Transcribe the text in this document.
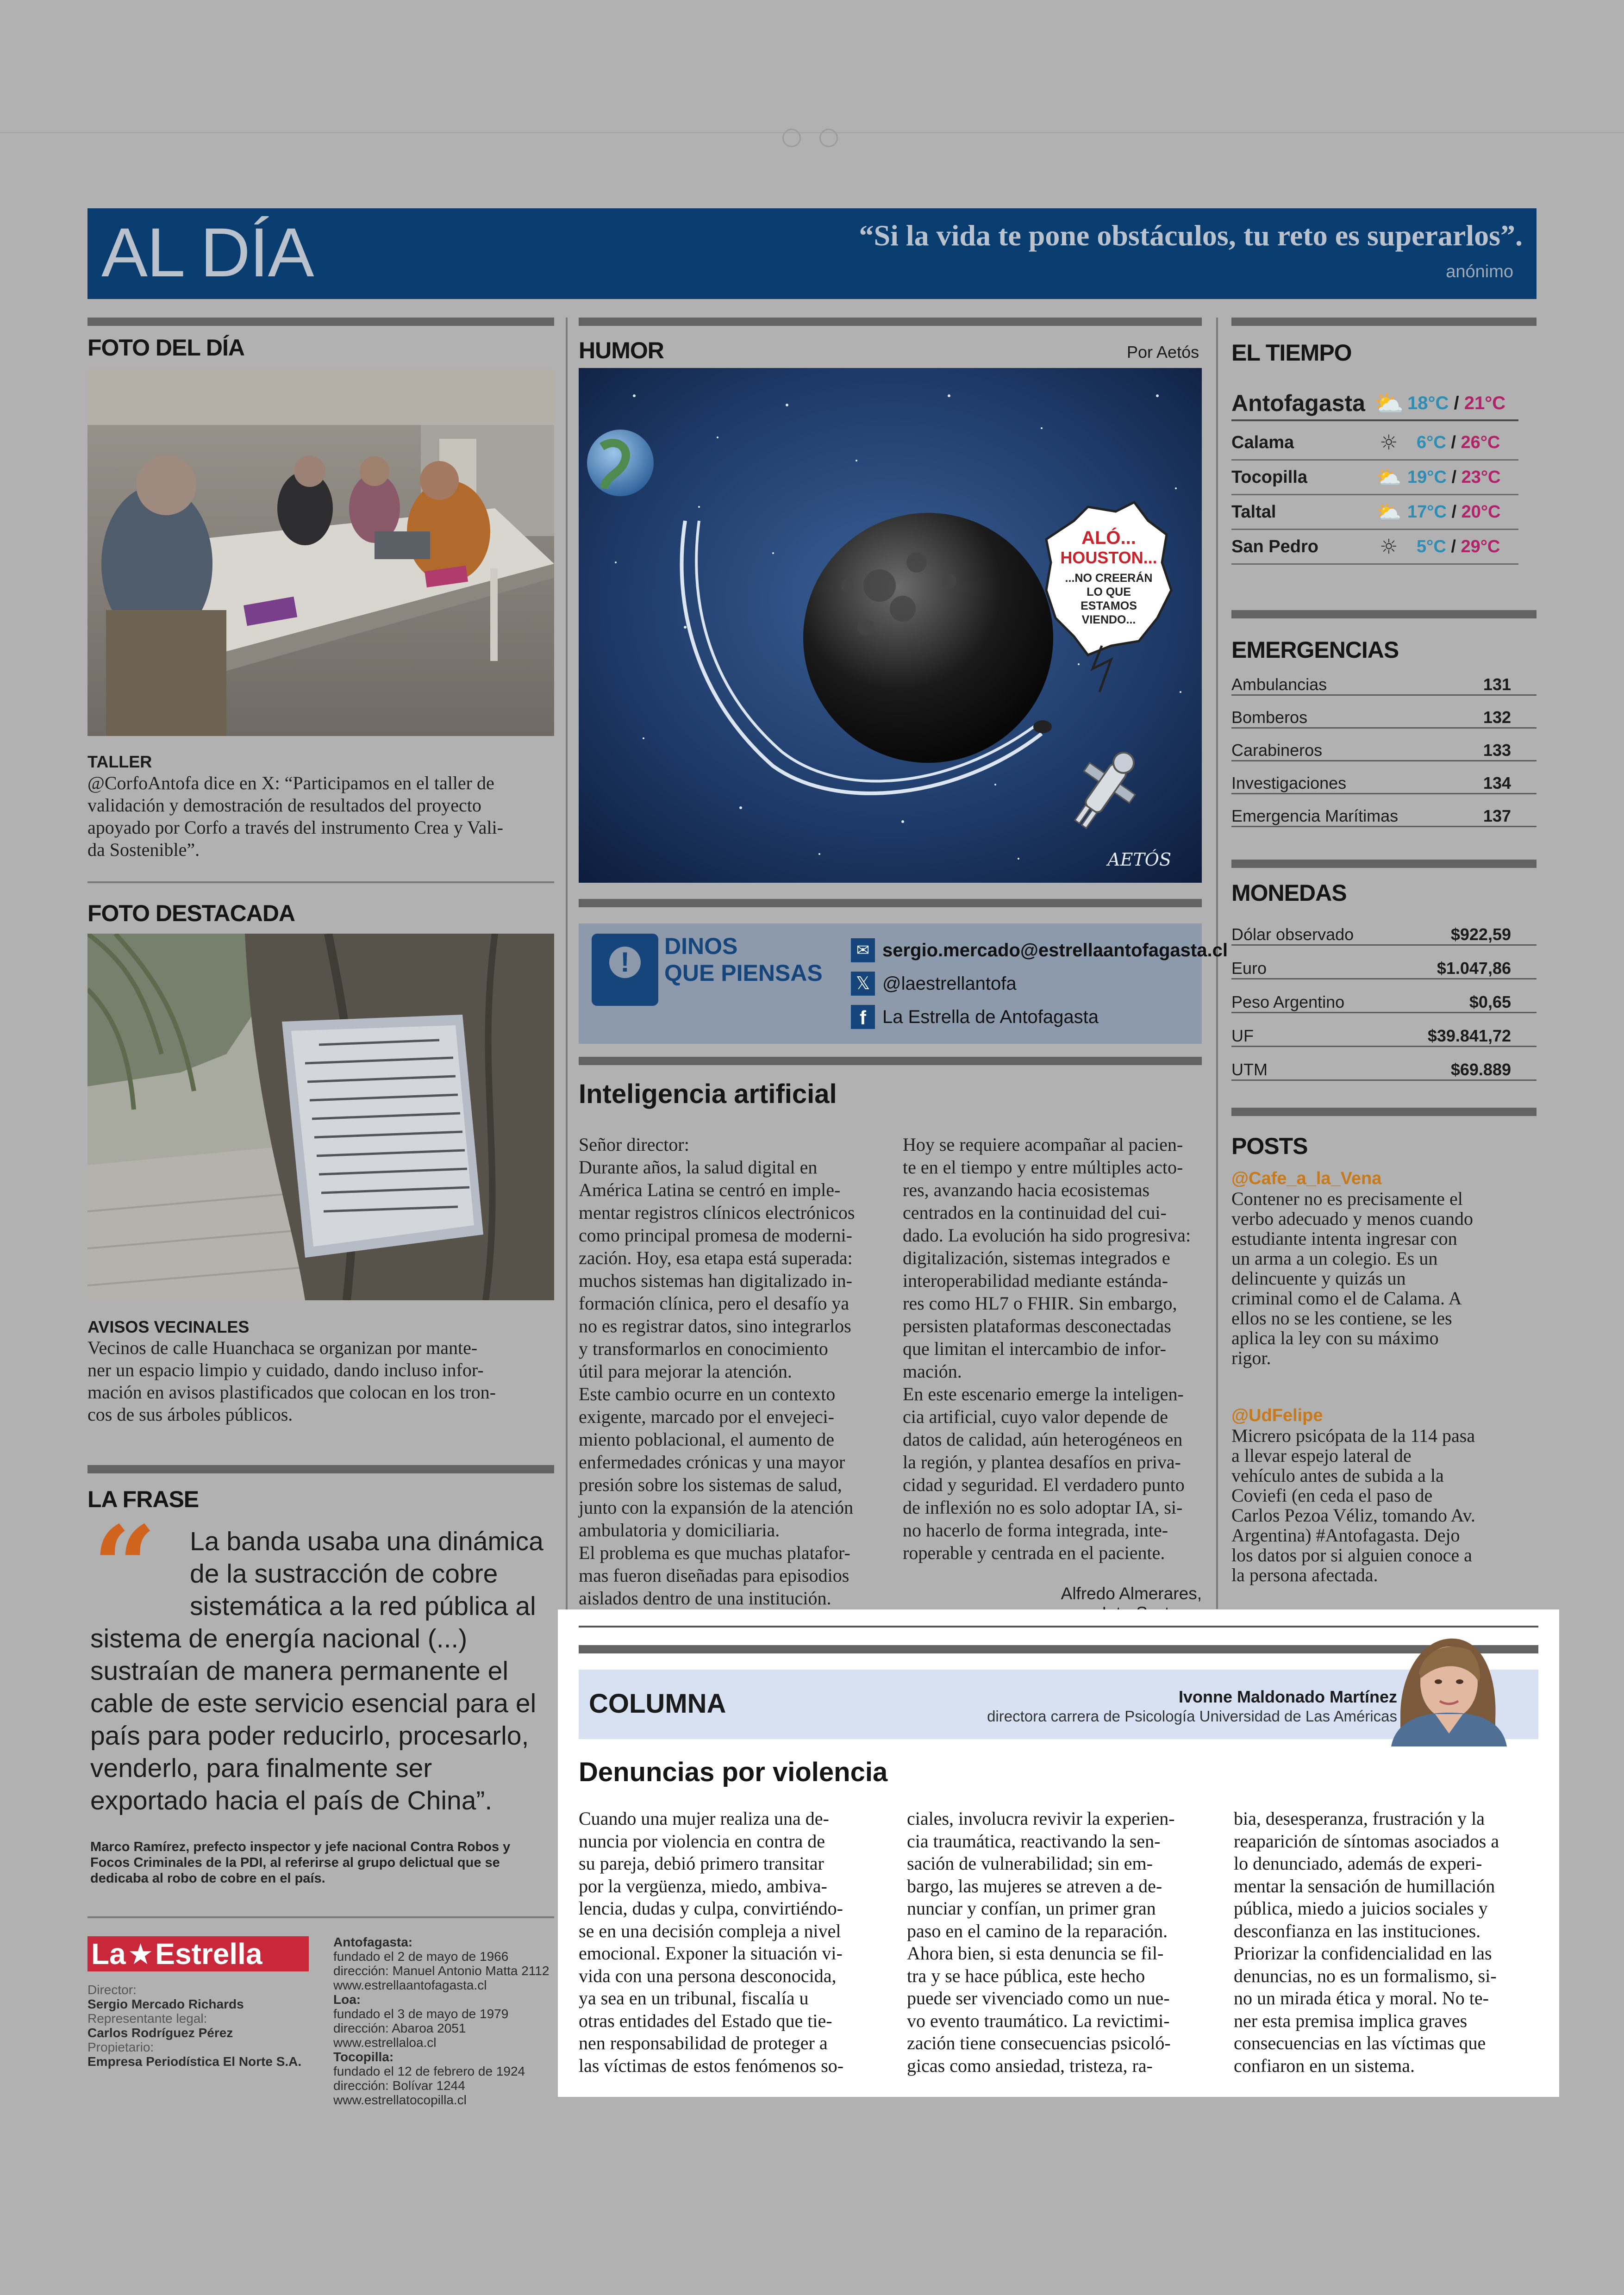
AL DÍA	“Si la vida te pone obstáculos, tu reto es superarlos”.
anónimo
FOTO DEL DÍA
TALLER
@CorfoAntofa dice en X: “Participamos en el taller de
validación y demostración de resultados del proyecto
apoyado por Corfo a través del instrumento Crea y Vali-
da Sostenible”.
FOTO DESTACADA
AVISOS VECINALES
Vecinos de calle Huanchaca se organizan por mante-
ner un espacio limpio y cuidado, dando incluso infor-
mación en avisos plastificados que colocan en los tron-
cos de sus árboles públicos.
LA FRASE
“ La banda usaba una dinámica
de la sustracción de cobre
sistemática a la red pública al
sistema de energía nacional (...)
sustraían de manera permanente el
cable de este servicio esencial para el
país para poder reducirlo, procesarlo,
venderlo, para finalmente ser
exportado hacia el país de China”.
Marco Ramírez, prefecto inspector y jefe nacional Contra Robos y
Focos Criminales de la PDI, al referirse al grupo delictual que se
dedicaba al robo de cobre en el país.
La ★ Estrella
Director:
Sergio Mercado Richards
Representante legal:
Carlos Rodríguez Pérez
Propietario:
Empresa Periodística El Norte S.A.
Antofagasta:
fundado el 2 de mayo de 1966
dirección: Manuel Antonio Matta 2112
www.estrellaantofagasta.cl
Loa:
fundado el 3 de mayo de 1979
dirección: Abaroa 2051
www.estrellaloa.cl
Tocopilla:
fundado el 12 de febrero de 1924
dirección: Bolívar 1244
www.estrellatocopilla.cl
HUMOR	Por Aetós
ALÓ...
HOUSTON...
...NO CREERÁN
LO QUE
ESTAMOS
VIENDO...
AETÓS
!
DINOS
QUE PIENSAS
✉ sergio.mercado@estrellaantofagasta.cl
𝕏 @laestrellantofa
f La Estrella de Antofagasta
Inteligencia artificial
Señor director:
Durante años, la salud digital en
América Latina se centró en imple-
mentar registros clínicos electrónicos
como principal promesa de moderni-
zación. Hoy, esa etapa está superada:
muchos sistemas han digitalizado in-
formación clínica, pero el desafío ya
no es registrar datos, sino integrarlos
y transformarlos en conocimiento
útil para mejorar la atención.
Este cambio ocurre en un contexto
exigente, marcado por el envejeci-
miento poblacional, el aumento de
enfermedades crónicas y una mayor
presión sobre los sistemas de salud,
junto con la expansión de la atención
ambulatoria y domiciliaria.
El problema es que muchas platafor-
mas fueron diseñadas para episodios
aislados dentro de una institución.
Hoy se requiere acompañar al pacien-
te en el tiempo y entre múltiples acto-
res, avanzando hacia ecosistemas
centrados en la continuidad del cui-
dado. La evolución ha sido progresiva:
digitalización, sistemas integrados e
interoperabilidad mediante estánda-
res como HL7 o FHIR. Sin embargo,
persisten plataformas desconectadas
que limitan el intercambio de infor-
mación.
En este escenario emerge la inteligen-
cia artificial, cuyo valor depende de
datos de calidad, aún heterogéneos en
la región, y plantea desafíos en priva-
cidad y seguridad. El verdadero punto
de inflexión no es solo adoptar IA, si-
no hacerlo de forma integrada, inte-
roperable y centrada en el paciente.
Alfredo Almerares,
EL TIEMPO
Antofagasta ⛅ 18°C / 21°C
Calama	☼	6°C / 26°C
Tocopilla	⛅ 19°C / 23°C
Taltal	⛅ 17°C / 20°C
San Pedro	☼	5°C / 29°C
EMERGENCIAS
Ambulancias	131
Bomberos	132
Carabineros	133
Investigaciones	134
Emergencia Marítimas	137
MONEDAS
Dólar observado	$922,59
Euro	$1.047,86
Peso Argentino	$0,65
UF	$39.841,72
UTM	$69.889
POSTS
@Cafe_a_la_Vena
Contener no es precisamente el
verbo adecuado y menos cuando
estudiante intenta ingresar con
un arma a un colegio. Es un
delincuente y quizás un
criminal como el de Calama. A
ellos no se les contiene, se les
aplica la ley con su máximo
rigor.
@UdFelipe
Micrero psicópata de la 114 pasa
a llevar espejo lateral de
vehículo antes de subida a la
Coviefi (en ceda el paso de
Carlos Pezoa Véliz, tomando Av.
Argentina) #Antofagasta. Dejo
los datos por si alguien conoce a
la persona afectada.
COLUMNA	Ivonne Maldonado Martínez
directora carrera de Psicología Universidad de Las Américas
Denuncias por violencia
Cuando una mujer realiza una de-
nuncia por violencia en contra de
su pareja, debió primero transitar
por la vergüenza, miedo, ambiva-
lencia, dudas y culpa, convirtiéndo-
se en una decisión compleja a nivel
emocional. Exponer la situación vi-
vida con una persona desconocida,
ya sea en un tribunal, fiscalía u
otras entidades del Estado que tie-
nen responsabilidad de proteger a
las víctimas de estos fenómenos so-
ciales, involucra revivir la experien-
cia traumática, reactivando la sen-
sación de vulnerabilidad; sin em-
bargo, las mujeres se atreven a de-
nunciar y confían, un primer gran
paso en el camino de la reparación.
Ahora bien, si esta denuncia se fil-
tra y se hace pública, este hecho
puede ser vivenciado como un nue-
vo evento traumático. La revictimi-
zación tiene consecuencias psicoló-
gicas como ansiedad, tristeza, ra-
bia, desesperanza, frustración y la
reaparición de síntomas asociados a
lo denunciado, además de experi-
mentar la sensación de humillación
pública, miedo a juicios sociales y
desconfianza en las instituciones.
Priorizar la confidencialidad en las
denuncias, no es un formalismo, si-
no un mirada ética y moral. No te-
ner esta premisa implica graves
consecuencias en las víctimas que
confiaron en un sistema.
